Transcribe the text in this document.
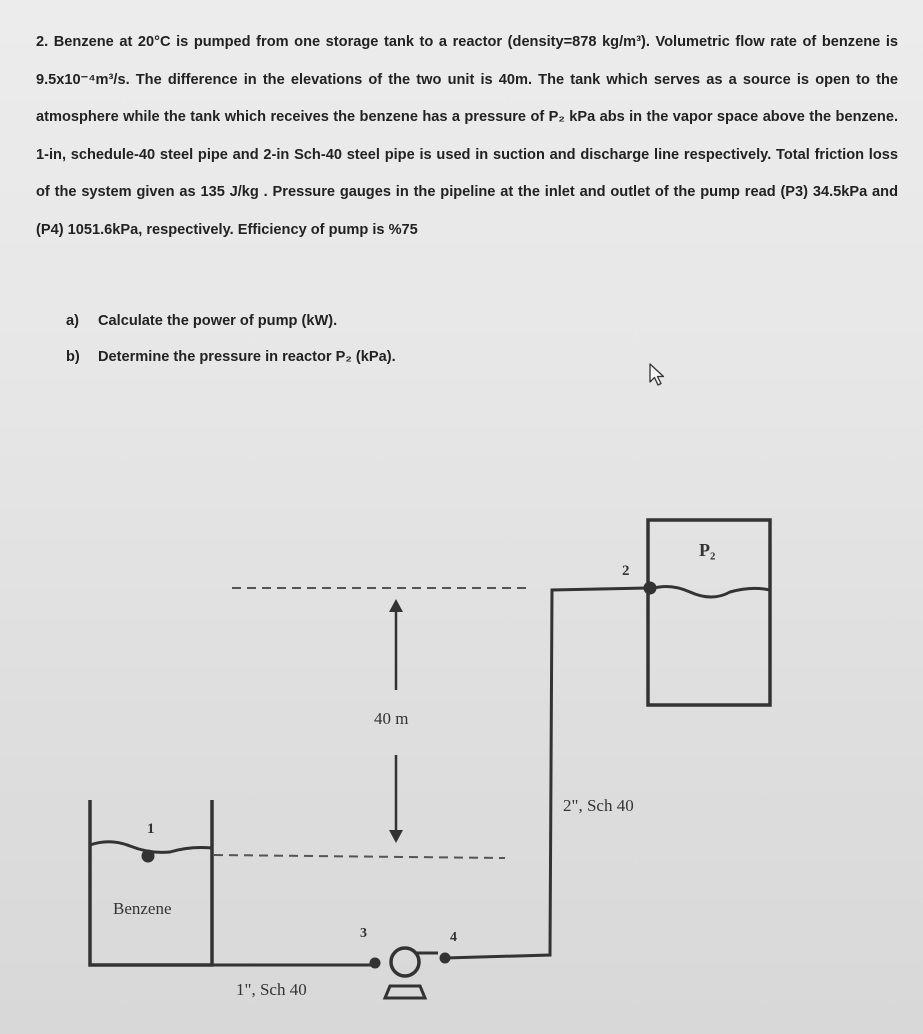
2. Benzene at 20°C is pumped from one storage tank to a reactor (density=878 kg/m³). Volumetric flow rate of benzene is 9.5x10⁻⁴m³/s. The difference in the elevations of the two unit is 40m. The tank which serves as a source is open to the atmosphere while the tank which receives the benzene has a pressure of P₂ kPa abs in the vapor space above the benzene. 1-in, schedule-40 steel pipe and 2-in Sch-40 steel pipe is used in suction and discharge line respectively. Total friction loss of the system given as 135 J/kg . Pressure gauges in the pipeline at the inlet and outlet of the pump read (P3) 34.5kPa and (P4) 1051.6kPa, respectively. Efficiency of pump is %75

a)	Calculate the power of pump (kW).
b)	Determine the pressure in reactor P₂ (kPa).
40 m
1
Benzene
1", Sch 40
3	4
2", Sch 40
2
P₂
